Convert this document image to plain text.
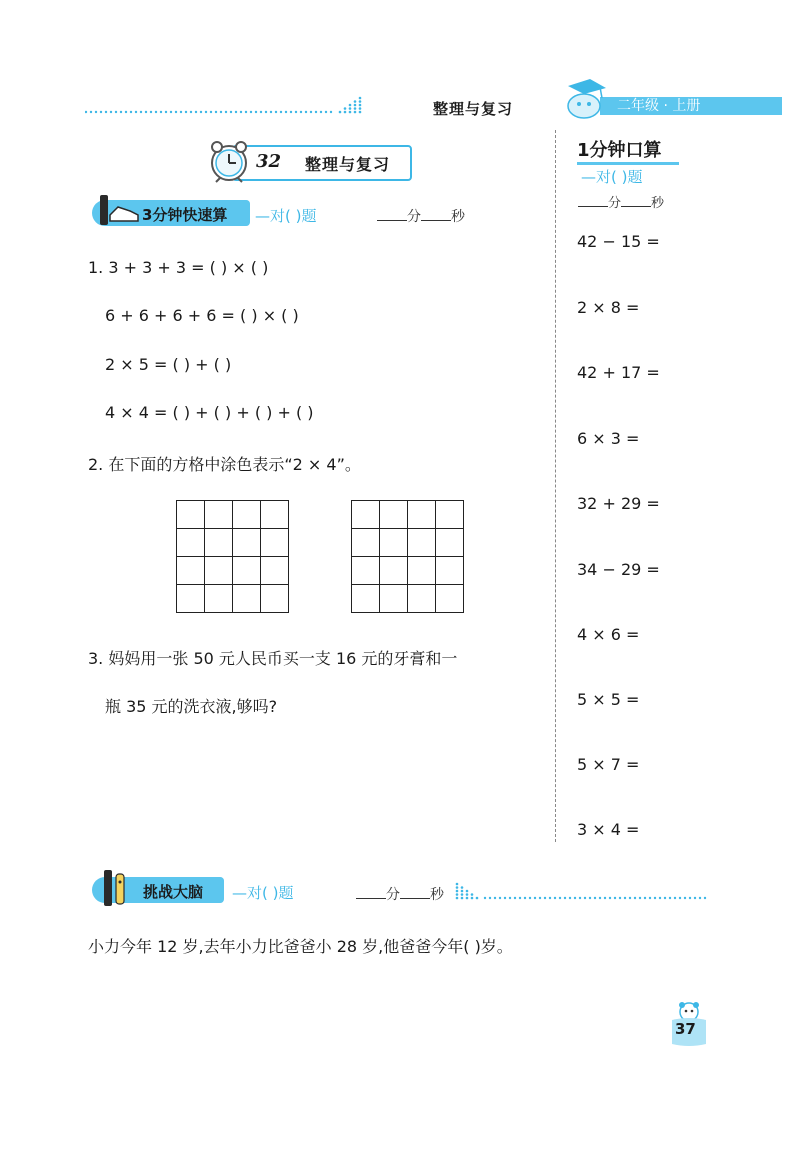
整理与复习	二年级 · 上册
32 整理与复习
3分钟快速算 —对( )题	分 秒
1. 3 + 3 + 3 = ( ) × ( )
6 + 6 + 6 + 6 = ( ) × ( )
2 × 5 = ( ) + ( )
4 × 4 = ( ) + ( ) + ( ) + ( )
2. 在下面的方格中涂色表示“2 × 4”。

3. 妈妈用一张 50 元人民币买一支 16 元的牙膏和一
瓶 35 元的洗衣液,够吗?
1分钟口算
—对( )题
分 秒
42 − 15 =
2 × 8 =
42 + 17 =
6 × 3 =
32 + 29 =
34 − 29 =
4 × 6 =
5 × 5 =
5 × 7 =
3 × 4 =
挑战大脑 —对( )题	分 秒
小力今年 12 岁,去年小力比爸爸小 28 岁,他爸爸今年( )岁。
37
